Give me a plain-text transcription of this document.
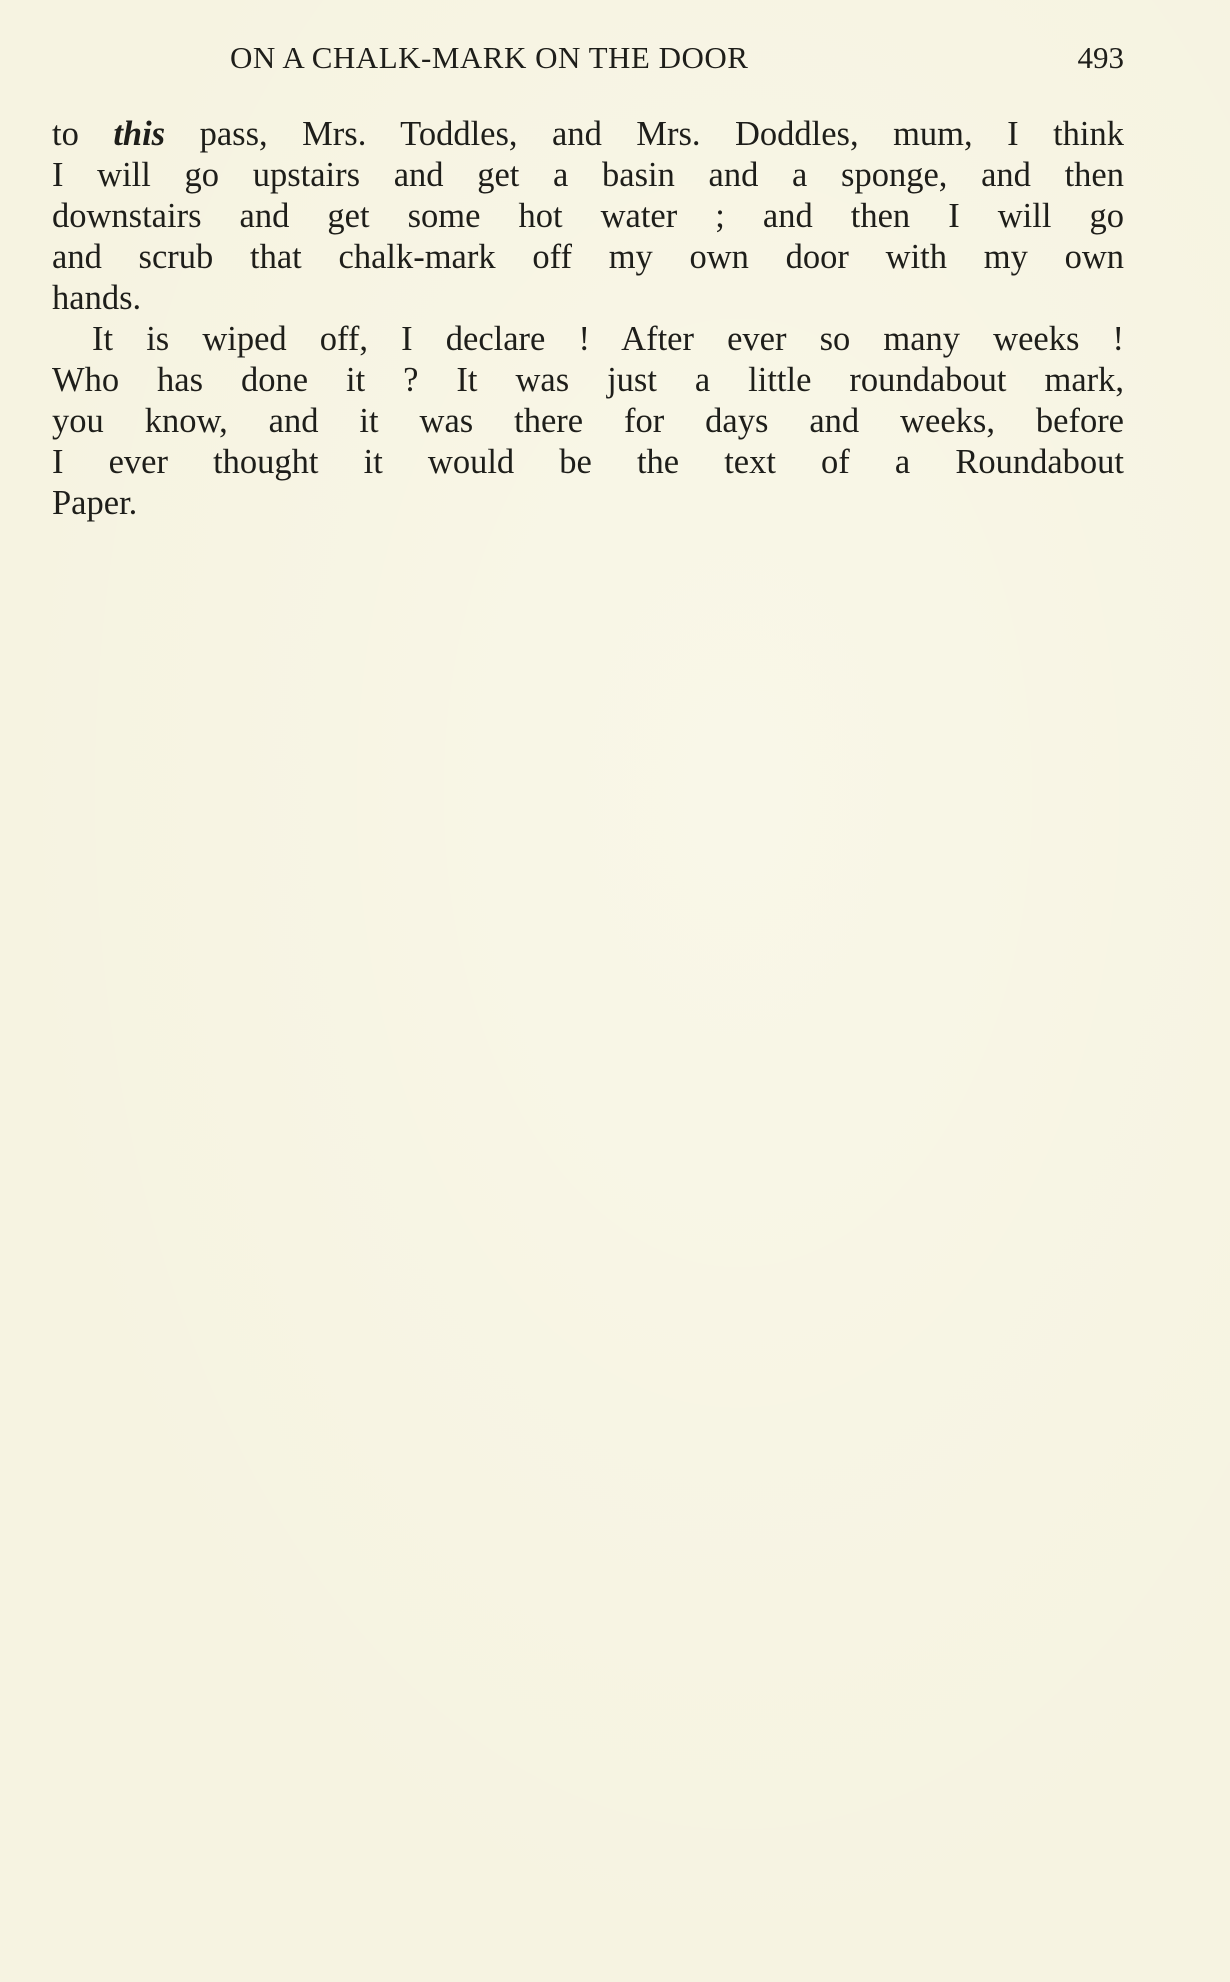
ON A CHALK-MARK ON THE DOOR	493
to this pass, Mrs. Toddles, and Mrs. Doddles, mum, I think
I will go upstairs and get a basin and a sponge, and then
downstairs and get some hot water ; and then I will go
and scrub that chalk-mark off my own door with my own
hands.
It is wiped off, I declare ! After ever so many weeks !
Who has done it ? It was just a little roundabout mark,
you know, and it was there for days and weeks, before
I ever thought it would be the text of a Roundabout
Paper.
